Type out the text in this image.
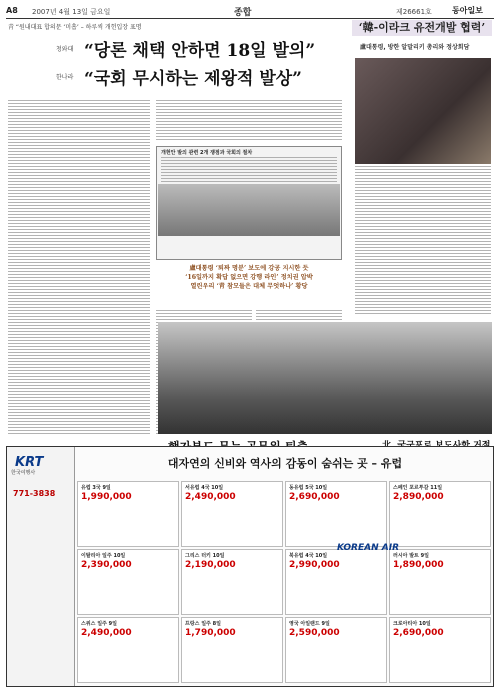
A8 2007년 4월 13일 금요일	종합	제26661호	동아일보
靑 “원내대표 합의문 ‘미흡’ – 하루씩 개헌입장 표명
청와대 “당론 채택 안하면 18일 발의”
한나라 “국회 무시하는 제왕적 발상”
개헌안 발의 관련 2개 쟁점과 국회의 절차
盧대통령 ‘퇴짜 명분’ 보도에 강공 지시한 듯
‘16일까지 확답 없으면 강행 라인’ 정치권 압박
열린우리 ‘靑 참모들은 대체 무엇하나’ 황당
‘韓-이라크 유전개발 협력’
盧대통령, 방한 알말리키 총리와 정상회담
KRT
한국여행사
771-3838
대자연의 신비와 역사의 감동이 숨쉬는 곳 – 유럽
유럽 3국 9일
1,990,000
서유럽 4국 10일
2,490,000
동유럽 5국 10일
2,690,000
스페인 포르투갈 11일
2,890,000
이탈리아 일주 10일
2,390,000
그리스 터키 10일
2,190,000
북유럽 4국 10일
2,990,000
러시아 발트 9일
1,890,000
스위스 일주 9일
2,490,000
프랑스 일주 8일
1,790,000
영국 아일랜드 9일
2,590,000
크로아티아 10일
2,690,000
KOREAN AIR
